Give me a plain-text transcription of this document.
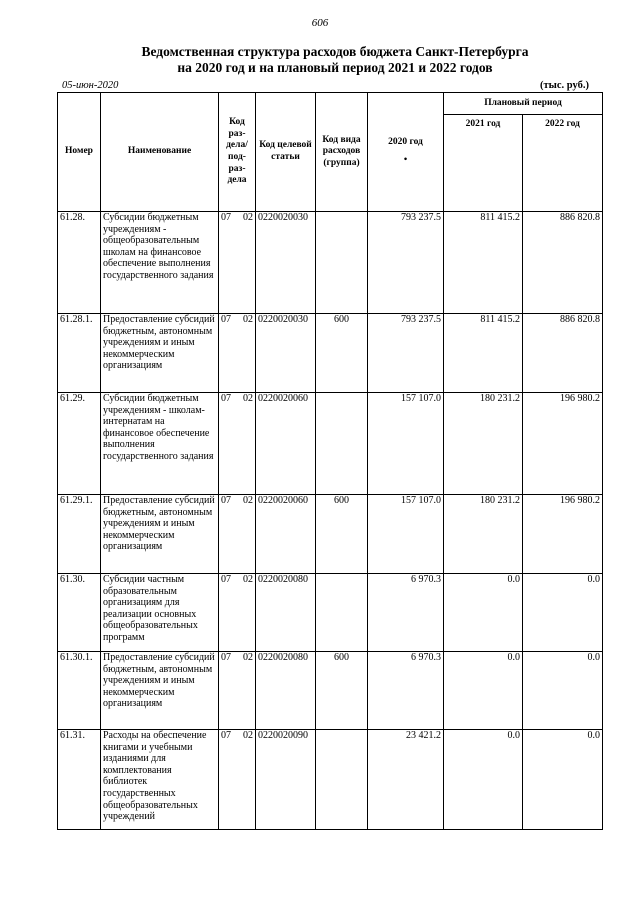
606
Ведомственная структура расходов бюджета Санкт-Петербурга
на 2020 год и на плановый период 2021 и 2022 годов
05-июн-2020	(тыс. руб.)
Номер	Наименование	Код раз-дела/ под-раз-дела	Код целевой статьи	Код вида расходов (группа)	2020 год
•	Плановый период	
						2021 год	2022 год
61.28.	Субсидии бюджетным учреждениям - общеобразовательным школам на финансовое обеспечение выполнения государственного задания	07 02	0220020030		793 237.5	811 415.2	886 820.8
61.28.1.	Предоставление субсидий бюджетным, автономным учреждениям и иным некоммерческим организациям	07 02	0220020030	600	793 237.5	811 415.2	886 820.8
61.29.	Субсидии бюджетным учреждениям - школам-интернатам на финансовое обеспечение выполнения государственного задания	07 02	0220020060		157 107.0	180 231.2	196 980.2
61.29.1.	Предоставление субсидий бюджетным, автономным учреждениям и иным некоммерческим организациям	07 02	0220020060	600	157 107.0	180 231.2	196 980.2
61.30.	Субсидии частным образовательным организациям для реализации основных общеобразовательных программ	07 02	0220020080		6 970.3	0.0	0.0
61.30.1.	Предоставление субсидий бюджетным, автономным учреждениям и иным некоммерческим организациям	07 02	0220020080	600	6 970.3	0.0	0.0
61.31.	Расходы на обеспечение книгами и учебными изданиями для комплектования библиотек государственных общеобразовательных учреждений	07 02	0220020090		23 421.2	0.0	0.0
